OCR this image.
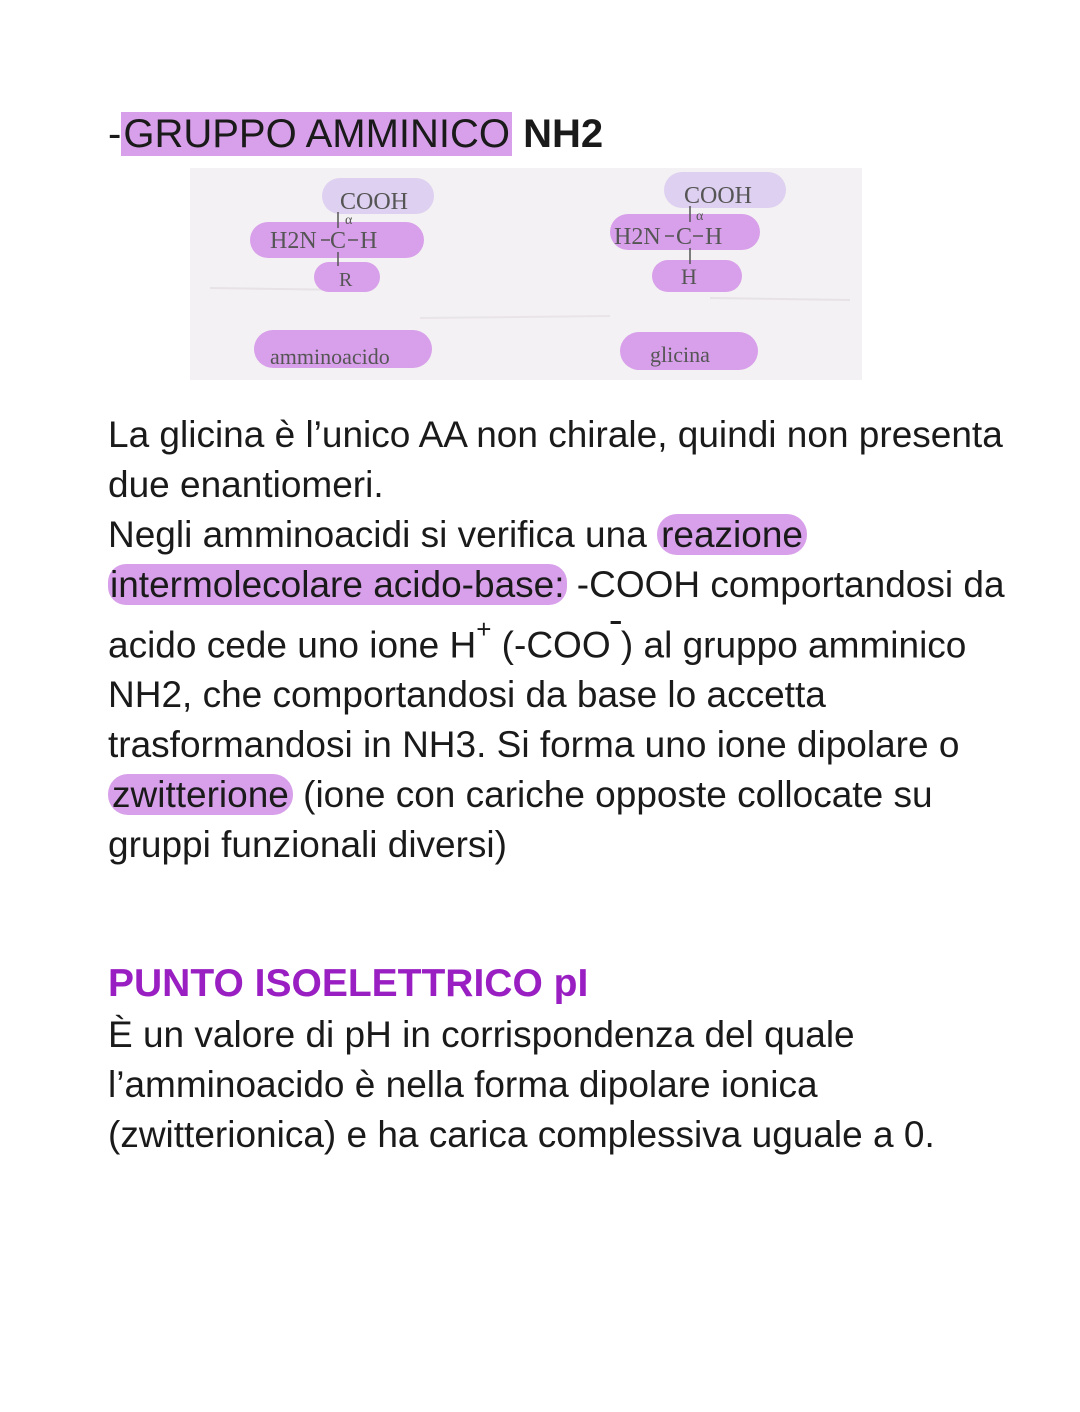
-GRUPPO AMMINICO NH2
COOH
α
H2N C H
R
amminoacido
COOH
α
H2N C H
H
glicina

La glicina è l’unico AA non chirale, quindi non presenta due enantiomeri.

Negli amminoacidi si verifica una reazione intermolecolare acido-base: -COOH comportandosi da acido cede uno ione H+ (-COO ) al gruppo amminico NH2, che comportandosi da base lo accetta trasformandosi in NH3. Si forma uno ione dipolare o zwitterione (ione con cariche opposte collocate su gruppi funzionali diversi)

PUNTO ISOELETTRICO pI

È un valore di pH in corrispondenza del quale l’amminoacido è nella forma dipolare ionica (zwitterionica) e ha carica complessiva uguale a 0.
